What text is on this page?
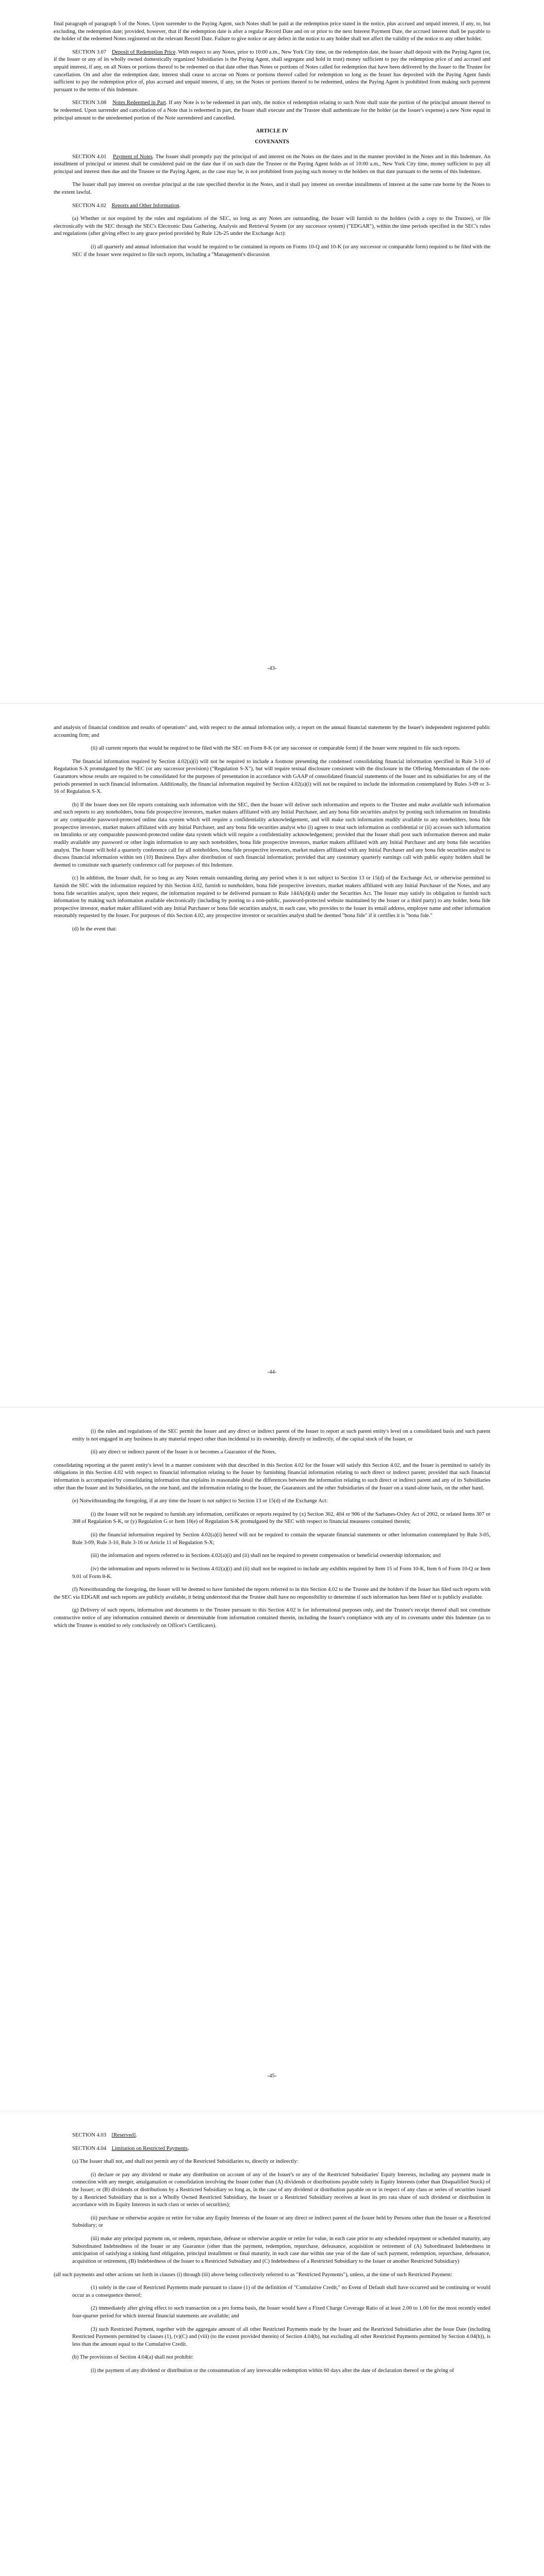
final paragraph of paragraph 5 of the Notes. Upon surrender to the Paying Agent, such Notes shall be paid at the redemption price stated in the notice, plus accrued and unpaid interest, if any, to, but excluding, the redemption date; provided, however, that if the redemption date is after a regular Record Date and on or prior to the next Interest Payment Date, the accrued interest shall be payable to the holder of the redeemed Notes registered on the relevant Record Date. Failure to give notice or any defect in the notice to any holder shall not affect the validity of the notice to any other holder.

SECTION 3.07 Deposit of Redemption Price. With respect to any Notes, prior to 10:00 a.m., New York City time, on the redemption date, the Issuer shall deposit with the Paying Agent (or, if the Issuer or any of its wholly owned domestically organized Subsidiaries is the Paying Agent, shall segregate and hold in trust) money sufficient to pay the redemption price of and accrued and unpaid interest, if any, on all Notes or portions thereof to be redeemed on that date other than Notes or portions of Notes called for redemption that have been delivered by the Issuer to the Trustee for cancellation. On and after the redemption date, interest shall cease to accrue on Notes or portions thereof called for redemption so long as the Issuer has deposited with the Paying Agent funds sufficient to pay the redemption price of, plus accrued and unpaid interest, if any, on the Notes or portions thereof to be redeemed, unless the Paying Agent is prohibited from making such payment pursuant to the terms of this Indenture.

SECTION 3.08 Notes Redeemed in Part. If any Note is to be redeemed in part only, the notice of redemption relating to such Note shall state the portion of the principal amount thereof to be redeemed. Upon surrender and cancellation of a Note that is redeemed in part, the Issuer shall execute and the Trustee shall authenticate for the holder (at the Issuer's expense) a new Note equal in principal amount to the unredeemed portion of the Note surrendered and cancelled.

ARTICLE IV

COVENANTS

SECTION 4.01 Payment of Notes. The Issuer shall promptly pay the principal of and interest on the Notes on the dates and in the manner provided in the Notes and in this Indenture. An installment of principal or interest shall be considered paid on the date due if on such date the Trustee or the Paying Agent holds as of 10:00 a.m., New York City time, money sufficient to pay all principal and interest then due and the Trustee or the Paying Agent, as the case may be, is not prohibited from paying such money to the holders on that date pursuant to the terms of this Indenture.

The Issuer shall pay interest on overdue principal at the rate specified therefor in the Notes, and it shall pay interest on overdue installments of interest at the same rate borne by the Notes to the extent lawful.

SECTION 4.02 Reports and Other Information.

(a) Whether or not required by the rules and regulations of the SEC, so long as any Notes are outstanding, the Issuer will furnish to the holders (with a copy to the Trustee), or file electronically with the SEC through the SEC's Electronic Data Gathering, Analysis and Retrieval System (or any successor system) ("EDGAR"), within the time periods specified in the SEC's rules and regulations (after giving effect to any grace period provided by Rule 12b-25 under the Exchange Act):

(i) all quarterly and annual information that would be required to be contained in reports on Forms 10-Q and 10-K (or any successor or comparable form) required to be filed with the SEC if the Issuer were required to file such reports, including a "Management's discussion

-43-

and analysis of financial condition and results of operations" and, with respect to the annual information only, a report on the annual financial statements by the Issuer's independent registered public accounting firm; and

(ii) all current reports that would be required to be filed with the SEC on Form 8-K (or any successor or comparable form) if the Issuer were required to file such reports.

The financial information required by Section 4.02(a)(i) will not be required to include a footnote presenting the condensed consolidating financial information specified in Rule 3-10 of Regulation S-X promulgated by the SEC (or any successor provision) ("Regulation S-X"), but will require textual disclosure consistent with the disclosure in the Offering Memorandum of the non-Guarantors whose results are required to be consolidated for the purposes of presentation in accordance with GAAP of consolidated financial statements of the Issuer and its subsidiaries for any of the periods presented in such financial information. Additionally, the financial information required by Section 4.02(a)(i) will not be required to include the information contemplated by Rules 3-09 or 3-16 of Regulation S-X.

(b) If the Issuer does not file reports containing such information with the SEC, then the Issuer will deliver such information and reports to the Trustee and make available such information and such reports to any noteholders, bona fide prospective investors, market makers affiliated with any Initial Purchaser, and any bona fide securities analyst by posting such information on Intralinks or any comparable password-protected online data system which will require a confidentiality acknowledgement, and will make such information readily available to any noteholders, bona fide prospective investors, market makers affiliated with any Initial Purchaser, and any bona fide securities analyst who (i) agrees to treat such information as confidential or (ii) accesses such information on Intralinks or any comparable password-protected online data system which will require a confidentiality acknowledgement; provided that the Issuer shall post such information thereon and make readily available any password or other login information to any such noteholders, bona fide prospective investors, market makers affiliated with any Initial Purchaser and any bona fide securities analyst. The Issuer will hold a quarterly conference call for all noteholders, bona fide prospective investors, market makers affiliated with any Initial Purchaser and any bona fide securities analyst to discuss financial information within ten (10) Business Days after distribution of such financial information; provided that any customary quarterly earnings call with public equity holders shall be deemed to constitute such quarterly conference call for purposes of this Indenture.

(c) In addition, the Issuer shall, for so long as any Notes remain outstanding during any period when it is not subject to Section 13 or 15(d) of the Exchange Act, or otherwise permitted to furnish the SEC with the information required by this Section 4.02, furnish to noteholders, bona fide prospective investors, market makers affiliated with any Initial Purchaser of the Notes, and any bona fide securities analyst, upon their request, the information required to be delivered pursuant to Rule 144A(d)(4) under the Securities Act. The Issuer may satisfy its obligation to furnish such information by making such information available electronically (including by posting to a non-public, password-protected website maintained by the Issuer or a third party) to any holder, bona fide prospective investor, market maker affiliated with any Initial Purchaser or bona fide securities analyst, in each case, who provides to the Issuer its email address, employer name and other information reasonably requested by the Issuer. For purposes of this Section 4.02, any prospective investor or securities analyst shall be deemed "bona fide" if it certifies it is "bona fide."

(d) In the event that:

-44-

(i) the rules and regulations of the SEC permit the Issuer and any direct or indirect parent of the Issuer to report at such parent entity's level on a consolidated basis and such parent entity is not engaged in any business in any material respect other than incidental to its ownership, directly or indirectly, of the capital stock of the Issuer, or

(ii) any direct or indirect parent of the Issuer is or becomes a Guarantor of the Notes,

consolidating reporting at the parent entity's level in a manner consistent with that described in this Section 4.02 for the Issuer will satisfy this Section 4.02, and the Issuer is permitted to satisfy its obligations in this Section 4.02 with respect to financial information relating to the Issuer by furnishing financial information relating to such direct or indirect parent; provided that such financial information is accompanied by consolidating information that explains in reasonable detail the differences between the information relating to such direct or indirect parent and any of its Subsidiaries other than the Issuer and its Subsidiaries, on the one hand, and the information relating to the Issuer, the Guarantors and the other Subsidiaries of the Issuer on a stand-alone basis, on the other hand.

(e) Notwithstanding the foregoing, if at any time the Issuer is not subject to Section 13 or 15(d) of the Exchange Act:

(i) the Issuer will not be required to furnish any information, certificates or reports required by (x) Section 302, 404 or 906 of the Sarbanes-Oxley Act of 2002, or related Items 307 or 308 of Regulation S-K, or (y) Regulation G or Item 10(e) of Regulation S-K promulgated by the SEC with respect to financial measures contained therein;

(ii) the financial information required by Section 4.02(a)(i) hereof will not be required to contain the separate financial statements or other information contemplated by Rule 3-05, Rule 3-09, Rule 3-10, Rule 3-16 or Article 11 of Regulation S-X;

(iii) the information and reports referred to in Sections 4.02(a)(i) and (ii) shall not be required to present compensation or beneficial ownership information; and

(iv) the information and reports referred to in Sections 4.02(a)(i) and (ii) shall not be required to include any exhibits required by Item 15 of Form 10-K, Item 6 of Form 10-Q or Item 9.01 of Form 8-K.

(f) Notwithstanding the foregoing, the Issuer will be deemed to have furnished the reports referred to in this Section 4.02 to the Trustee and the holders if the Issuer has filed such reports with the SEC via EDGAR and such reports are publicly available, it being understood that the Trustee shall have no responsibility to determine if such information has been filed or is publicly available.

(g) Delivery of such reports, information and documents to the Trustee pursuant to this Section 4.02 is for informational purposes only, and the Trustee's receipt thereof shall not constitute constructive notice of any information contained therein or determinable from information contained therein, including the Issuer's compliance with any of its covenants under this Indenture (as to which the Trustee is entitled to rely conclusively on Officer's Certificates).

-45-

SECTION 4.03 [Reserved].

SECTION 4.04 Limitation on Restricted Payments.

(a) The Issuer shall not, and shall not permit any of the Restricted Subsidiaries to, directly or indirectly:

(i) declare or pay any dividend or make any distribution on account of any of the Issuer's or any of the Restricted Subsidiaries' Equity Interests, including any payment made in connection with any merger, amalgamation or consolidation involving the Issuer (other than (A) dividends or distributions payable solely in Equity Interests (other than Disqualified Stock) of the Issuer; or (B) dividends or distributions by a Restricted Subsidiary so long as, in the case of any dividend or distribution payable on or in respect of any class or series of securities issued by a Restricted Subsidiary that is not a Wholly Owned Restricted Subsidiary, the Issuer or a Restricted Subsidiary receives at least its pro rata share of such dividend or distribution in accordance with its Equity Interests in such class or series of securities);

(ii) purchase or otherwise acquire or retire for value any Equity Interests of the Issuer or any direct or indirect parent of the Issuer held by Persons other than the Issuer or a Restricted Subsidiary; or

(iii) make any principal payment on, or redeem, repurchase, defease or otherwise acquire or retire for value, in each case prior to any scheduled repayment or scheduled maturity, any Subordinated Indebtedness of the Issuer or any Guarantor (other than the payment, redemption, repurchase, defeasance, acquisition or retirement of (A) Subordinated Indebtedness in anticipation of satisfying a sinking fund obligation, principal installment or final maturity, in each case due within one year of the date of such payment, redemption, repurchase, defeasance, acquisition or retirement, (B) Indebtedness of the Issuer to a Restricted Subsidiary and (C) Indebtedness of a Restricted Subsidiary to the Issuer or another Restricted Subsidiary)

(all such payments and other actions set forth in clauses (i) through (iii) above being collectively referred to as "Restricted Payments"), unless, at the time of such Restricted Payment:

(1) solely in the case of Restricted Payments made pursuant to clause (1) of the definition of "Cumulative Credit," no Event of Default shall have occurred and be continuing or would occur as a consequence thereof;

(2) immediately after giving effect to such transaction on a pro forma basis, the Issuer would have a Fixed Charge Coverage Ratio of at least 2.00 to 1.00 for the most recently ended four-quarter period for which internal financial statements are available; and

(3) such Restricted Payment, together with the aggregate amount of all other Restricted Payments made by the Issuer and the Restricted Subsidiaries after the Issue Date (including Restricted Payments permitted by clauses (1), (v)(C) and (viii) (to the extent provided therein) of Section 4.04(b), but excluding all other Restricted Payments permitted by Section 4.04(b)), is less than the amount equal to the Cumulative Credit.

(b) The provisions of Section 4.04(a) shall not prohibit:

(i) the payment of any dividend or distribution or the consummation of any irrevocable redemption within 60 days after the date of declaration thereof or the giving of
